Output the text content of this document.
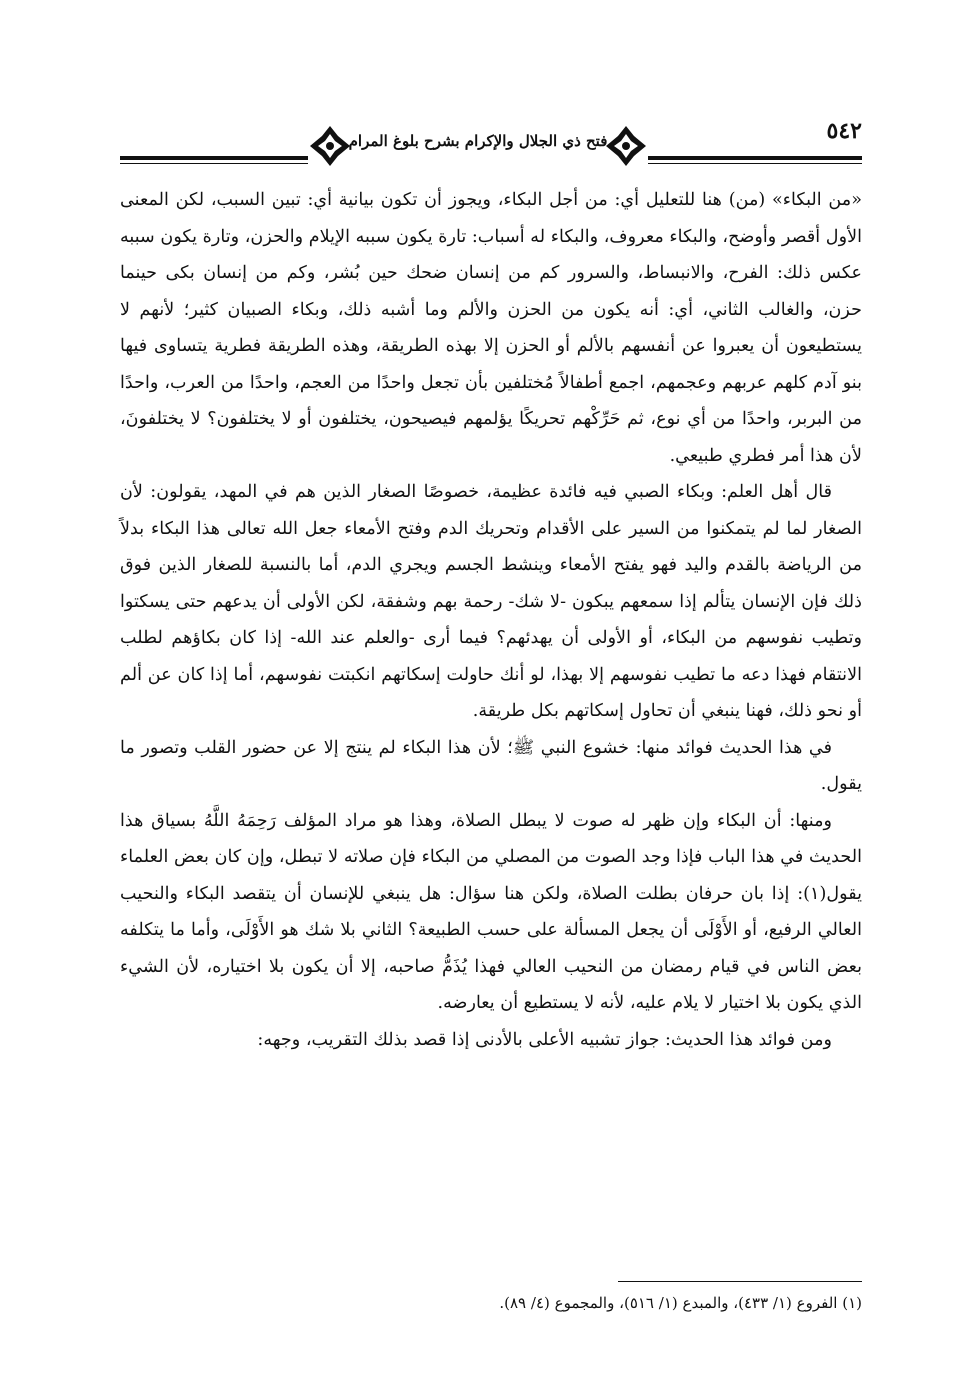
٥٤٢
فتح ذي الجلال والإكرام بشرح بلوغ المرام

«من البكاء» (من) هنا للتعليل أي: من أجل البكاء، ويجوز أن تكون بيانية أي: تبين السبب، لكن المعنى الأول أقصر وأوضح، والبكاء معروف، والبكاء له أسباب: تارة يكون سببه الإيلام والحزن، وتارة يكون سببه عكس ذلك: الفرح، والانبساط، والسرور كم من إنسان ضحك حين بُشر، وكم من إنسان بكى حينما حزن، والغالب الثاني، أي: أنه يكون من الحزن والألم وما أشبه ذلك، وبكاء الصبيان كثير؛ لأنهم لا يستطيعون أن يعبروا عن أنفسهم بالألم أو الحزن إلا بهذه الطريقة، وهذه الطريقة فطرية يتساوى فيها بنو آدم كلهم عربهم وعجمهم، اجمع أطفالاً مُختلفين بأن تجعل واحدًا من العجم، واحدًا من العرب، واحدًا من البربر، واحدًا من أي نوع، ثم حَرِّكْهم تحريكًا يؤلمهم فيصيحون، يختلفون أو لا يختلفون؟ لا يختلفونَ، لأن هذا أمر فطري طبيعي.

قال أهل العلم: وبكاء الصبي فيه فائدة عظيمة، خصوصًا الصغار الذين هم في المهد، يقولون: لأن الصغار لما لم يتمكنوا من السير على الأقدام وتحريك الدم وفتح الأمعاء جعل الله تعالى هذا البكاء بدلاً من الرياضة بالقدم واليد فهو يفتح الأمعاء وينشط الجسم ويجري الدم، أما بالنسبة للصغار الذين فوق ذلك فإن الإنسان يتألم إذا سمعهم يبكون -لا شك- رحمة بهم وشفقة، لكن الأولى أن يدعهم حتى يسكتوا وتطيب نفوسهم من البكاء، أو الأولى أن يهدئهم؟ فيما أرى -والعلم عند الله- إذا كان بكاؤهم لطلب الانتقام فهذا دعه ما تطيب نفوسهم إلا بهذا، لو أنك حاولت إسكاتهم انكبتت نفوسهم، أما إذا كان عن ألم أو نحو ذلك، فهنا ينبغي أن تحاول إسكاتهم بكل طريقة.

في هذا الحديث فوائد منها: خشوع النبي ﷺ؛ لأن هذا البكاء لم ينتج إلا عن حضور القلب وتصور ما يقول.

ومنها: أن البكاء وإن ظهر له صوت لا يبطل الصلاة، وهذا هو مراد المؤلف رَحِمَهُ اللَّهُ بسياق هذا الحديث في هذا الباب فإذا وجد الصوت من المصلي من البكاء فإن صلاته لا تبطل، وإن كان بعض العلماء يقول(١): إذا بان حرفان بطلت الصلاة، ولكن هنا سؤال: هل ينبغي للإنسان أن يتقصد البكاء والنحيب العالي الرفيع، أو الأَوْلَى أن يجعل المسألة على حسب الطبيعة؟ الثاني بلا شك هو الأَوْلَى، وأما ما يتكلفه بعض الناس في قيام رمضان من النحيب العالي فهذا يُذَمُّ صاحبه، إلا أن يكون بلا اختياره، لأن الشيء الذي يكون بلا اختيار لا يلام عليه، لأنه لا يستطيع أن يعارضه.

ومن فوائد هذا الحديث: جواز تشبيه الأعلى بالأدنى إذا قصد بذلك التقريب، وجهه:

(١) الفروع (١/ ٤٣٣)، والمبدع (١/ ٥١٦)، والمجموع (٤/ ٨٩).
